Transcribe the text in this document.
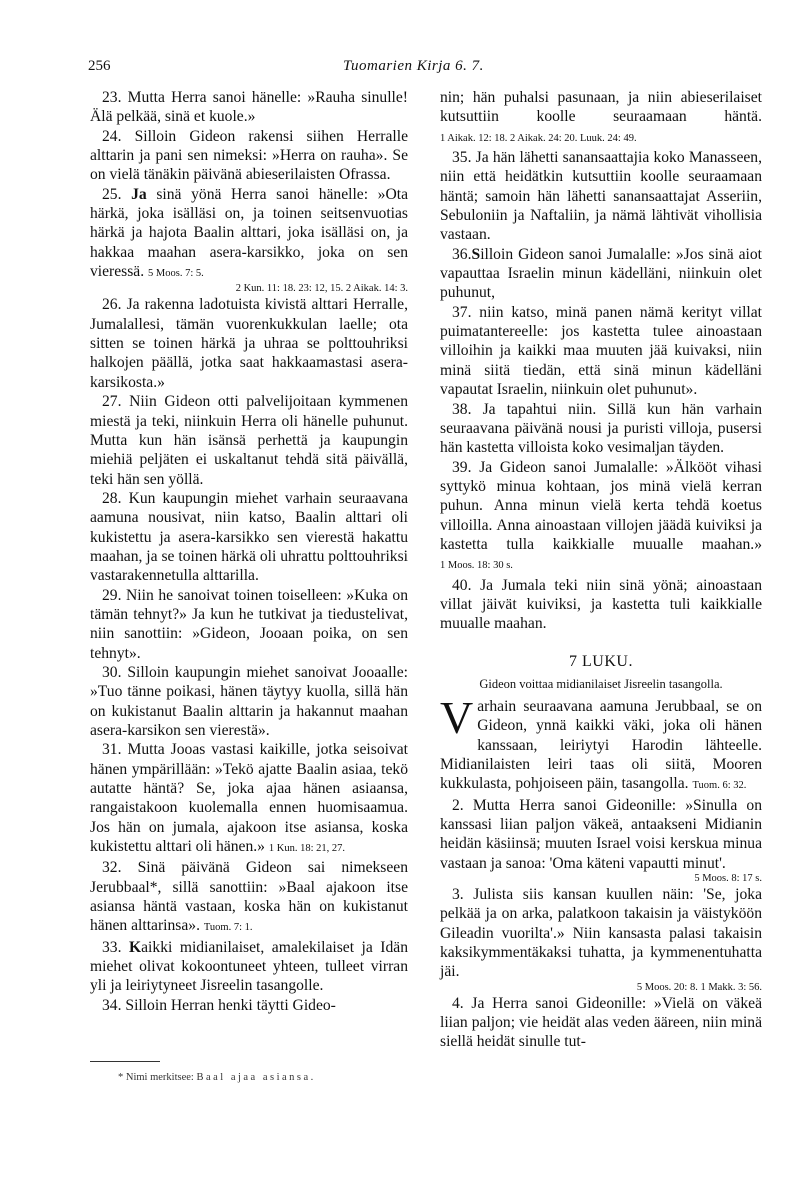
256	Tuomarien Kirja 6. 7.

23. Mutta Herra sanoi hänelle: »Rauha sinulle! Älä pelkää, sinä et kuole.»

24. Silloin Gideon rakensi siihen Herralle alttarin ja pani sen nimeksi: »Herra on rauha». Se on vielä tänäkin päivänä abieserilaisten Ofrassa.

25. Ja sinä yönä Herra sanoi hänelle: »Ota härkä, joka isälläsi on, ja toinen seitsenvuotias härkä ja hajota Baalin alttari, joka isälläsi on, ja hakkaa maahan asera-karsikko, joka on sen vieressä. 5 Moos. 7: 5.

2 Kun. 11: 18. 23: 12, 15. 2 Aikak. 14: 3.

26. Ja rakenna ladotuista kivistä alttari Herralle, Jumalallesi, tämän vuorenkukkulan laelle; ota sitten se toinen härkä ja uhraa se polttouhriksi halkojen päällä, jotka saat hakkaamastasi asera-karsikosta.»

27. Niin Gideon otti palvelijoitaan kymmenen miestä ja teki, niinkuin Herra oli hänelle puhunut. Mutta kun hän isänsä perhettä ja kaupungin miehiä peljäten ei uskaltanut tehdä sitä päivällä, teki hän sen yöllä.

28. Kun kaupungin miehet varhain seuraavana aamuna nousivat, niin katso, Baalin alttari oli kukistettu ja asera-karsikko sen vierestä hakattu maahan, ja se toinen härkä oli uhrattu polttouhriksi vastarakennetulla alttarilla.

29. Niin he sanoivat toinen toiselleen: »Kuka on tämän tehnyt?» Ja kun he tutkivat ja tiedustelivat, niin sanottiin: »Gideon, Jooaan poika, on sen tehnyt».

30. Silloin kaupungin miehet sanoivat Jooaalle: »Tuo tänne poikasi, hänen täytyy kuolla, sillä hän on kukistanut Baalin alttarin ja hakannut maahan asera-karsikon sen vierestä».

31. Mutta Jooas vastasi kaikille, jotka seisoivat hänen ympärillään: »Tekö ajatte Baalin asiaa, tekö autatte häntä? Se, joka ajaa hänen asiaansa, rangaistakoon kuolemalla ennen huomisaamua. Jos hän on jumala, ajakoon itse asiansa, koska kukistettu alttari oli hänen.» 1 Kun. 18: 21, 27.

32. Sinä päivänä Gideon sai nimekseen Jerubbaal*, sillä sanottiin: »Baal ajakoon itse asiansa häntä vastaan, koska hän on kukistanut hänen alttarinsa». Tuom. 7: 1.

33. Kaikki midianilaiset, amalekilaiset ja Idän miehet olivat kokoontuneet yhteen, tulleet virran yli ja leiriytyneet Jisreelin tasangolle.

34. Silloin Herran henki täytti Gideo-

* Nimi merkitsee: Baal ajaa asiansa.

nin; hän puhalsi pasunaan, ja niin abieserilaiset kutsuttiin koolle seuraamaan häntä. 1 Aikak. 12: 18. 2 Aikak. 24: 20. Luuk. 24: 49.

35. Ja hän lähetti sanansaattajia koko Manasseen, niin että heidätkin kutsuttiin koolle seuraamaan häntä; samoin hän lähetti sanansaattajat Asseriin, Sebuloniin ja Naftaliin, ja nämä lähtivät vihollisia vastaan.

36.Silloin Gideon sanoi Jumalalle: »Jos sinä aiot vapauttaa Israelin minun kädelläni, niinkuin olet puhunut,

37. niin katso, minä panen nämä kerityt villat puimatantereelle: jos kastetta tulee ainoastaan villoihin ja kaikki maa muuten jää kuivaksi, niin minä siitä tiedän, että sinä minun kädelläni vapautat Israelin, niinkuin olet puhunut».

38. Ja tapahtui niin. Sillä kun hän varhain seuraavana päivänä nousi ja puristi villoja, pusersi hän kastetta villoista koko vesimaljan täyden.

39. Ja Gideon sanoi Jumalalle: »Älkööt vihasi syttykö minua kohtaan, jos minä vielä kerran puhun. Anna minun vielä kerta tehdä koetus villoilla. Anna ainoastaan villojen jäädä kuiviksi ja kastetta tulla kaikkialle muualle maahan.» 1 Moos. 18: 30 s.

40. Ja Jumala teki niin sinä yönä; ainoastaan villat jäivät kuiviksi, ja kastetta tuli kaikkialle muualle maahan.

7 LUKU.

Gideon voittaa midianilaiset Jisreelin tasangolla.

Varhain seuraavana aamuna Jerubbaal, se on Gideon, ynnä kaikki väki, joka oli hänen kanssaan, leiriytyi Harodin lähteelle. Midianilaisten leiri taas oli siitä, Mooren kukkulasta, pohjoiseen päin, tasangolla. Tuom. 6: 32.

2. Mutta Herra sanoi Gideonille: »Sinulla on kanssasi liian paljon väkeä, antaakseni Midianin heidän käsiinsä; muuten Israel voisi kerskua minua vastaan ja sanoa: 'Oma käteni vapautti minut'.

5 Moos. 8: 17 s.

3. Julista siis kansan kuullen näin: 'Se, joka pelkää ja on arka, palatkoon takaisin ja väistyköön Gileadin vuorilta'.» Niin kansasta palasi takaisin kaksikymmentäkaksi tuhatta, ja kymmenentuhatta jäi.

5 Moos. 20: 8. 1 Makk. 3: 56.

4. Ja Herra sanoi Gideonille: »Vielä on väkeä liian paljon; vie heidät alas veden ääreen, niin minä siellä heidät sinulle tut-
